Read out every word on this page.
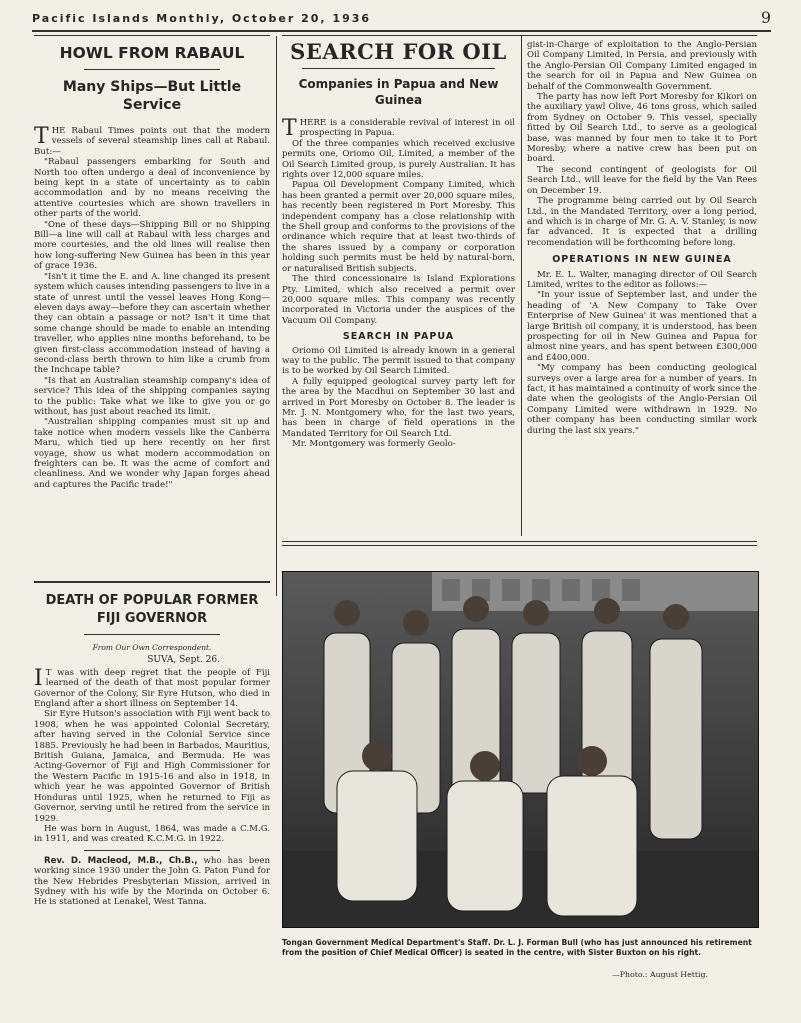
Pacific Islands Monthly, October 20, 1936	9
HOWL FROM RABAUL
Many Ships—But Little Service

THE Rabaul Times points out that the modern vessels of several steamship lines call at Rabaul. But:—

"Rabaul passengers embarking for South and North too often undergo a deal of inconvenience by being kept in a state of uncertainty as to cabin accommodation and by no means receiving the attentive courtesies which are shown travellers in other parts of the world.

"One of these days—Shipping Bill or no Shipping Bill—a line will call at Rabaul with less charges and more courtesies, and the old lines will realise then how long-suffering New Guinea has been in this year of grace 1936.

"Isn't it time the E. and A. line changed its present system which causes intending passengers to live in a state of unrest until the vessel leaves Hong Kong—eleven days away—before they can ascertain whether they can obtain a passage or not? Isn't it time that some change should be made to enable an intending traveller, who applies nine months beforehand, to be given first-class accommodation instead of having a second-class berth thrown to him like a crumb from the Inchcape table?

"Is that an Australian steamship company's idea of service? This idea of the shipping companies saying to the public: Take what we like to give you or go without, has just about reached its limit.

"Australian shipping companies must sit up and take notice when modern vessels like the Canberra Maru, which tied up here recently on her first voyage, show us what modern accommodation on freighters can be. It was the acme of comfort and cleanliness. And we wonder why Japan forges ahead and captures the Pacific trade!"

DEATH OF POPULAR FORMER FIJI GOVERNOR
From Our Own Correspondent.
SUVA, Sept. 26.

I T was with deep regret that the people of Fiji learned of the death of that most popular former Governor of the Colony, Sir Eyre Hutson, who died in England after a short illness on September 14.

Sir Eyre Hutson's association with Fiji went back to 1908, when he was appointed Colonial Secretary, after having served in the Colonial Service since 1885. Previously he had been in Barbados, Mauritius, British Guiana, Jamaica, and Bermuda. He was Acting-Governor of Fiji and High Commissioner for the Western Pacific in 1915-16 and also in 1918, in which year he was appointed Governor of British Honduras until 1925, when he returned to Fiji as Governor, serving until he retired from the service in 1929.

He was born in August, 1864, was made a C.M.G. in 1911, and was created K.C.M.G. in 1922.

Rev. D. Macleod, M.B., Ch.B., who has been working since 1930 under the John G. Paton Fund for the New Hebrides Presbyterian Mission, arrived in Sydney with his wife by the Morinda on October 6. He is stationed at Lenakel, West Tanna.

SEARCH FOR OIL
Companies in Papua and New Guinea

THERE is a considerable revival of interest in oil prospecting in Papua.

Of the three companies which received exclusive permits one, Oriomo Oil, Limited, a member of the Oil Search Limited group, is purely Australian. It has rights over 12,000 square miles.

Papua Oil Development Company Limited, which has been granted a permit over 20,000 square miles, has recently been registered in Port Moresby. This independent company has a close relationship with the Shell group and conforms to the provisions of the ordinance which require that at least two-thirds of the shares issued by a company or corporation holding such permits must be held by natural-born, or naturalised British subjects.

The third concessionaire is Island Explorations Pty. Limited, which also received a permit over 20,000 square miles. This company was recently incorporated in Victoria under the auspices of the Vacuum Oil Company.

SEARCH IN PAPUA

Oriomo Oil Limited is already known in a general way to the public. The permit issued to that company is to be worked by Oil Search Limited.

A fully equipped geological survey party left for the area by the Macdhui on September 30 last and arrived in Port Moresby on October 8. The leader is Mr. J. N. Montgomery who, for the last two years, has been in charge of field operations in the Mandated Territory for Oil Search Ltd.

Mr. Montgomery was formerly Geolo-

gist-in-Charge of exploitation to the Anglo-Persian Oil Company Limited, in Persia, and previously with the Anglo-Persian Oil Company Limited engaged in the search for oil in Papua and New Guinea on behalf of the Commonwealth Government.

The party has now left Port Moresby for Kikori on the auxiliary yawl Olive, 46 tons gross, which sailed from Sydney on October 9. This vessel, specially fitted by Oil Search Ltd., to serve as a geological base, was manned by four men to take it to Port Moresby, where a native crew has been put on board.

The second contingent of geologists for Oil Search Ltd., will leave for the field by the Van Rees on December 19.

The programme being carried out by Oil Search Ltd., in the Mandated Territory, over a long period, and which is in charge of Mr. G. A. V. Stanley, is now far advanced. It is expected that a drilling recomendation will be forthcoming before long.

OPERATIONS IN NEW GUINEA

Mr. E. L. Walter, managing director of Oil Search Limited, writes to the editor as follows:—

"In your issue of September last, and under the heading of 'A New Company to Take Over Enterprise of New Guinea' it was mentioned that a large British oil company, it is understood, has been prospecting for oil in New Guinea and Papua for almost nine years, and has spent between £300,000 and £400,000.

"My company has been conducting geological surveys over a large area for a number of years. In fact, it has maintained a continuity of work since the date when the geologists of the Anglo-Persian Oil Company Limited were withdrawn in 1929. No other company has been conducting similar work during the last six years."

Tongan Government Medical Department's Staff. Dr. L. J. Forman Bull (who has just announced his retirement from the position of Chief Medical Officer) is seated in the centre, with Sister Buxton on his right.
—Photo.: August Hettig.
